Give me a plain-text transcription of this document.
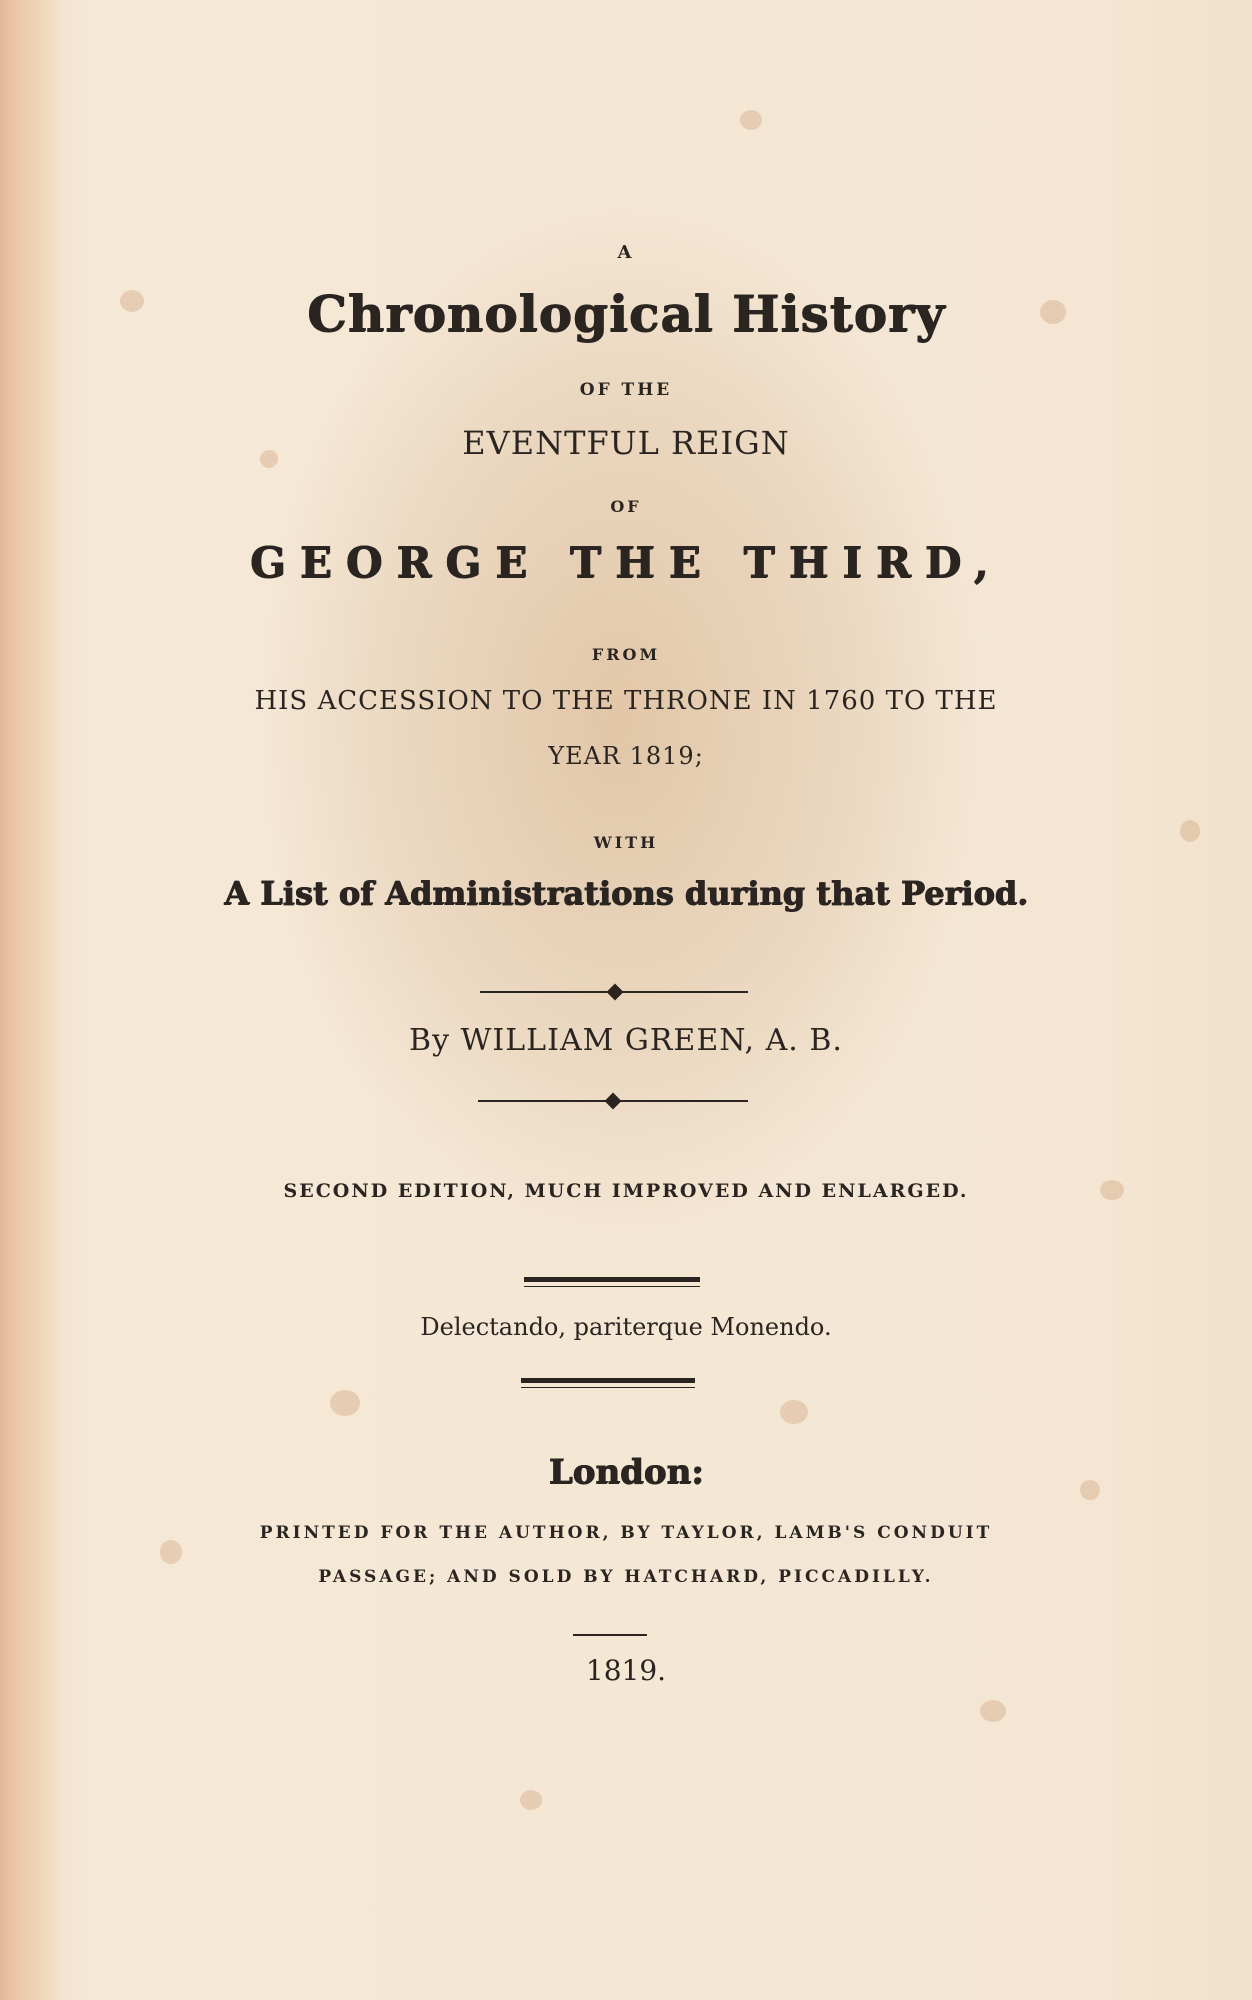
A
Chronological History
OF THE
EVENTFUL REIGN
OF
GEORGE THE THIRD,
FROM
HIS ACCESSION TO THE THRONE IN 1760 TO THE
YEAR 1819;
WITH
A List of Administrations during that Period.
By WILLIAM GREEN, A. B.
SECOND EDITION, MUCH IMPROVED AND ENLARGED.
Delectando, pariterque Monendo.
London:
PRINTED FOR THE AUTHOR, BY TAYLOR, LAMB'S CONDUIT
PASSAGE; AND SOLD BY HATCHARD, PICCADILLY.
1819.
